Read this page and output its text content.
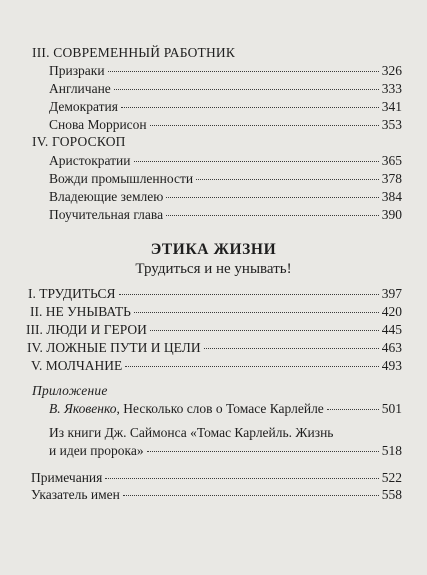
III. СОВРЕМЕННЫЙ РАБОТНИК
Призраки	326
Англичане	333
Демократия	341
Снова Моррисон	353
IV. ГОРОСКОП
Аристократии	365
Вожди промышленности	378
Владеющие землею	384
Поучительная глава	390
ЭТИКА ЖИЗНИ
Трудиться и не унывать!
I. ТРУДИТЬСЯ	397
II. НЕ УНЫВАТЬ	420
III. ЛЮДИ И ГЕРОИ	445
IV. ЛОЖНЫЕ ПУТИ И ЦЕЛИ	463
V. МОЛЧАНИЕ	493
Приложение
В. Яковенко, Несколько слов о Томасе Карлейле	501
Из книги Дж. Саймонса «Томас Карлейль. Жизнь
и идеи пророка»	518
Примечания	522
Указатель имен	558
